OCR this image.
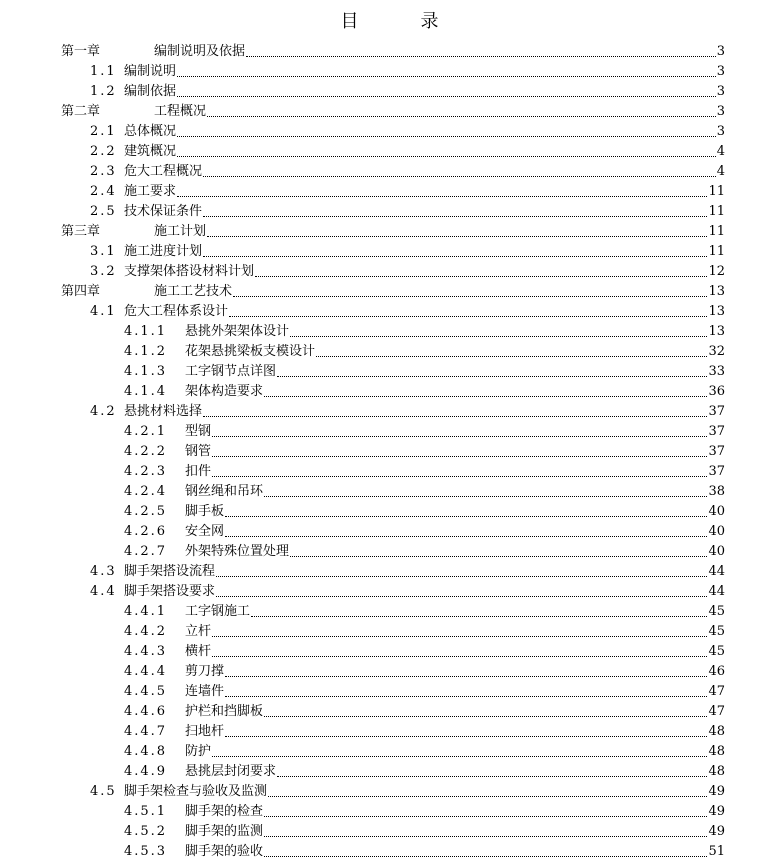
目　录
第一章	编制说明及依据	3
1.1 编制说明	3
1.2 编制依据	3
第二章	工程概况	3
2.1 总体概况	3
2.2 建筑概况	4
2.3 危大工程概况	4
2.4 施工要求	11
2.5 技术保证条件	11
第三章	施工计划	11
3.1 施工进度计划	11
3.2 支撑架体搭设材料计划	12
第四章	施工工艺技术	13
4.1 危大工程体系设计	13
4.1.1 悬挑外架架体设计	13
4.1.2 花架悬挑梁板支模设计	32
4.1.3 工字钢节点详图	33
4.1.4 架体构造要求	36
4.2 悬挑材料选择	37
4.2.1 型钢	37
4.2.2 钢管	37
4.2.3 扣件	37
4.2.4 钢丝绳和吊环	38
4.2.5 脚手板	40
4.2.6 安全网	40
4.2.7 外架特殊位置处理	40
4.3 脚手架搭设流程	44
4.4 脚手架搭设要求	44
4.4.1 工字钢施工	45
4.4.2 立杆	45
4.4.3 横杆	45
4.4.4 剪刀撑	46
4.4.5 连墙件	47
4.4.6 护栏和挡脚板	47
4.4.7 扫地杆	48
4.4.8 防护	48
4.4.9 悬挑层封闭要求	48
4.5 脚手架检查与验收及监测	49
4.5.1 脚手架的检查	49
4.5.2 脚手架的监测	49
4.5.3 脚手架的验收	51
